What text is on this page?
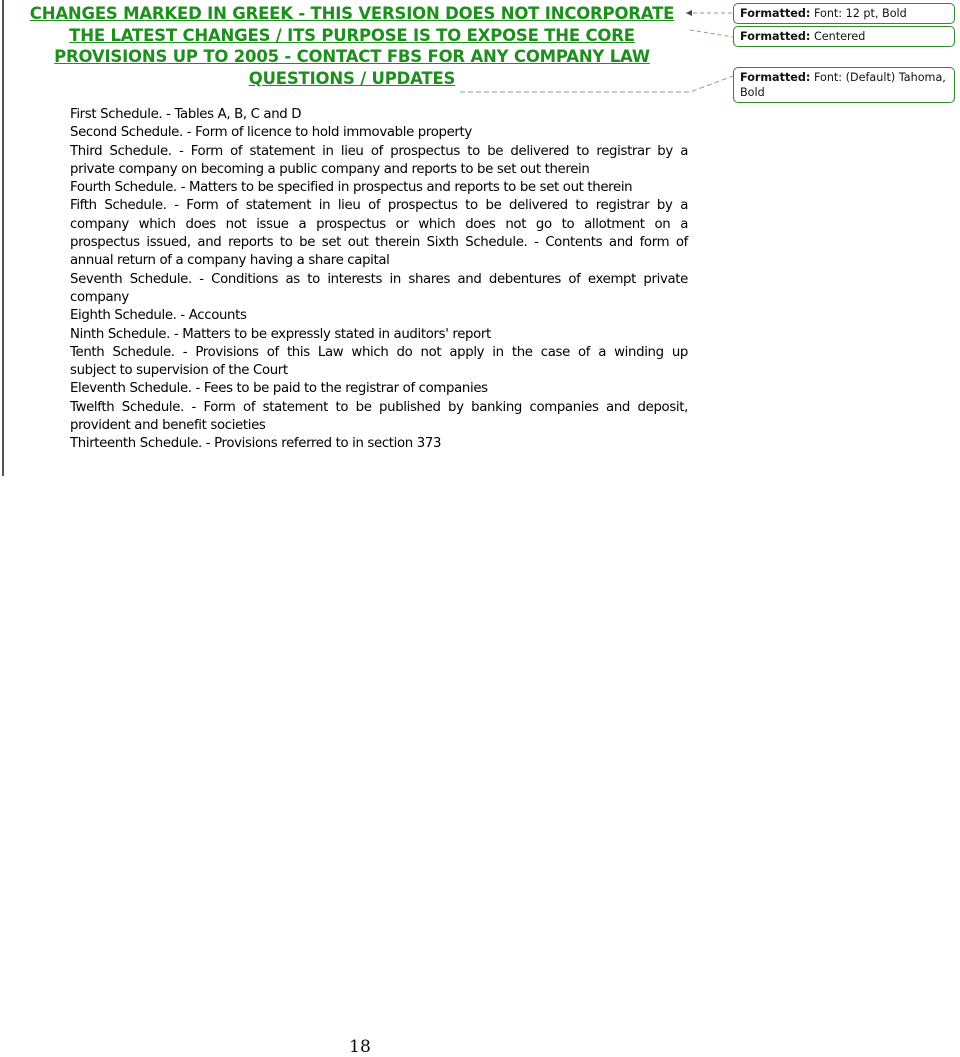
CHANGES MARKED IN GREEK - THIS VERSION DOES NOT INCORPORATE
THE LATEST CHANGES / ITS PURPOSE IS TO EXPOSE THE CORE
PROVISIONS UP TO 2005 - CONTACT FBS FOR ANY COMPANY LAW
QUESTIONS / UPDATES
First Schedule. - Tables A, B, C and D
Second Schedule. - Form of licence to hold immovable property
Third Schedule. - Form of statement in lieu of prospectus to be delivered to registrar by a
private company on becoming a public company and reports to be set out therein
Fourth Schedule. - Matters to be specified in prospectus and reports to be set out therein
Fifth Schedule. - Form of statement in lieu of prospectus to be delivered to registrar by a
company which does not issue a prospectus or which does not go to allotment on a
prospectus issued, and reports to be set out therein Sixth Schedule. - Contents and form of
annual return of a company having a share capital
Seventh Schedule. - Conditions as to interests in shares and debentures of exempt private
company
Eighth Schedule. - Accounts
Ninth Schedule. - Matters to be expressly stated in auditors' report
Tenth Schedule. - Provisions of this Law which do not apply in the case of a winding up
subject to supervision of the Court
Eleventh Schedule. - Fees to be paid to the registrar of companies
Twelfth Schedule. - Form of statement to be published by banking companies and deposit,
provident and benefit societies
Thirteenth Schedule. - Provisions referred to in section 373
Formatted: Font: 12 pt, Bold
Formatted: Centered
Formatted: Font: (Default) Tahoma, Bold
18
